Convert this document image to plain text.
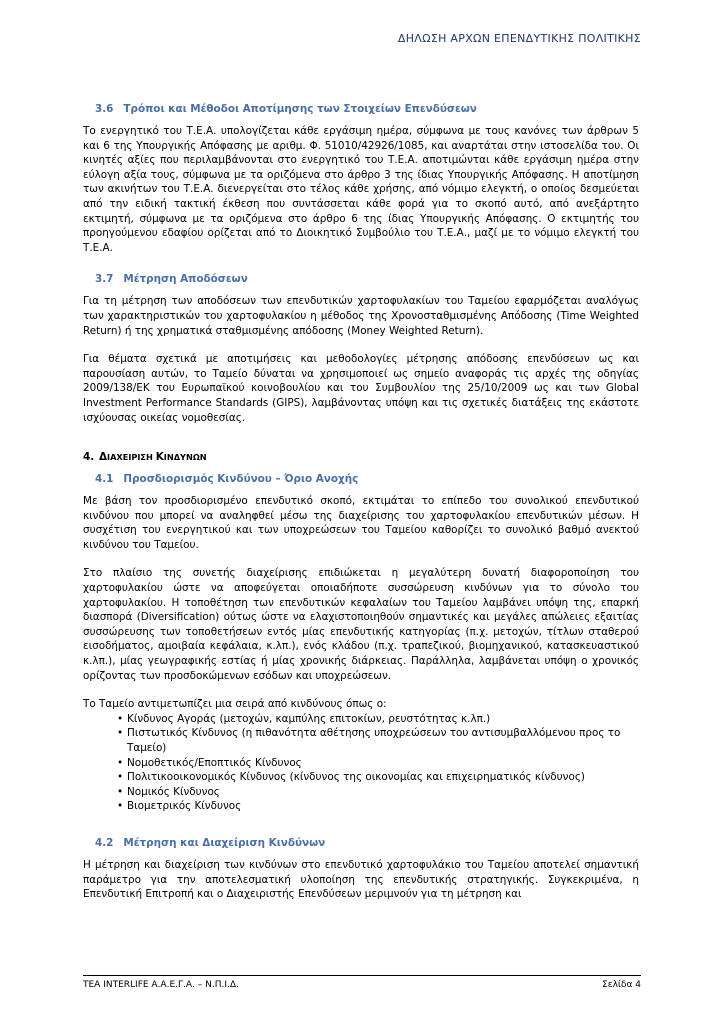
ΔΗΛΩΣΗ ΑΡΧΩΝ ΕΠΕΝΔΥΤΙΚΗΣ ΠΟΛΙΤΙΚΗΣ
3.6 Τρόποι και Μέθοδοι Αποτίμησης των Στοιχείων Επενδύσεων

Το ενεργητικό του Τ.Ε.Α. υπολογίζεται κάθε εργάσιμη ημέρα, σύμφωνα με τους κανόνες των άρθρων 5 και 6 της Υπουργικής Απόφασης με αριθμ. Φ. 51010/42926/1085, και αναρτάται στην ιστοσελίδα του. Οι κινητές αξίες που περιλαμβάνονται στο ενεργητικό του Τ.Ε.Α. αποτιμώνται κάθε εργάσιμη ημέρα στην εύλογη αξία τους, σύμφωνα με τα οριζόμενα στο άρθρο 3 της ίδιας Υπουργικής Απόφασης. Η αποτίμηση των ακινήτων του Τ.Ε.Α. διενεργείται στο τέλος κάθε χρήσης, από νόμιμο ελεγκτή, ο οποίος δεσμεύεται από την ειδική τακτική έκθεση που συντάσσεται κάθε φορά για το σκοπό αυτό, από ανεξάρτητο εκτιμητή, σύμφωνα με τα οριζόμενα στο άρθρο 6 της ίδιας Υπουργικής Απόφασης. Ο εκτιμητής του προηγούμενου εδαφίου ορίζεται από το Διοικητικό Συμβούλιο του Τ.Ε.Α., μαζί με το νόμιμο ελεγκτή του Τ.Ε.Α.

3.7 Μέτρηση Αποδόσεων

Για τη μέτρηση των αποδόσεων των επενδυτικών χαρτοφυλακίων του Ταμείου εφαρμόζεται αναλόγως των χαρακτηριστικών του χαρτοφυλακίου η μέθοδος της Χρονοσταθμισμένης Απόδοσης (Time Weighted Return) ή της χρηματικά σταθμισμένης απόδοσης (Money Weighted Return).

Για θέματα σχετικά με αποτιμήσεις και μεθοδολογίες μέτρησης απόδοσης επενδύσεων ως και παρουσίαση αυτών, το Ταμείο δύναται να χρησιμοποιεί ως σημείο αναφοράς τις αρχές της οδηγίας 2009/138/ΕΚ του Ευρωπαϊκού κοινοβουλίου και του Συμβουλίου της 25/10/2009 ως και των Global Investment Performance Standards (GIPS), λαμβάνοντας υπόψη και τις σχετικές διατάξεις της εκάστοτε ισχύουσας οικείας νομοθεσίας.

4. ΔΙΑΧΕΙΡΙΣΗ ΚΙΝΔΥΝΩΝ
4.1 Προσδιορισμός Κινδύνου – Όριο Ανοχής

Με βάση τον προσδιορισμένο επενδυτικό σκοπό, εκτιμάται το επίπεδο του συνολικού επενδυτικού κινδύνου που μπορεί να αναληφθεί μέσω της διαχείρισης του χαρτοφυλακίου επενδυτικών μέσων. Η συσχέτιση του ενεργητικού και των υποχρεώσεων του Ταμείου καθορίζει το συνολικό βαθμό ανεκτού κινδύνου του Ταμείου.

Στο πλαίσιο της συνετής διαχείρισης επιδιώκεται η μεγαλύτερη δυνατή διαφοροποίηση του χαρτοφυλακίου ώστε να αποφεύγεται οποιαδήποτε συσσώρευση κινδύνων για το σύνολο του χαρτοφυλακίου. Η τοποθέτηση των επενδυτικών κεφαλαίων του Ταμείου λαμβάνει υπόψη της, επαρκή διασπορά (Diversification) ούτως ώστε να ελαχιστοποιηθούν σημαντικές και μεγάλες απώλειες εξαιτίας συσσώρευσης των τοποθετήσεων εντός μίας επενδυτικής κατηγορίας (π.χ. μετοχών, τίτλων σταθερού εισοδήματος, αμοιβαία κεφάλαια, κ.λπ.), ενός κλάδου (π.χ. τραπεζικού, βιομηχανικού, κατασκευαστικού κ.λπ.), μίας γεωγραφικής εστίας ή μίας χρονικής διάρκειας. Παράλληλα, λαμβάνεται υπόψη ο χρονικός ορίζοντας των προσδοκώμενων εσόδων και υποχρεώσεων.

Το Ταμείο αντιμετωπίζει μια σειρά από κινδύνους όπως ο:

• Κίνδυνος Αγοράς (μετοχών, καμπύλης επιτοκίων, ρευστότητας κ.λπ.)
• Πιστωτικός Κίνδυνος (η πιθανότητα αθέτησης υποχρεώσεων του αντισυμβαλλόμενου προς το Ταμείο)
• Νομοθετικός/Εποπτικός Κίνδυνος
• Πολιτικοοικονομικός Κίνδυνος (κίνδυνος της οικονομίας και επιχειρηματικός κίνδυνος)
• Νομικός Κίνδυνος
• Βιομετρικός Κίνδυνος
4.2 Μέτρηση και Διαχείριση Κινδύνων

Η μέτρηση και διαχείριση των κινδύνων στο επενδυτικό χαρτοφυλάκιο του Ταμείου αποτελεί σημαντική παράμετρο για την αποτελεσματική υλοποίηση της επενδυτικής στρατηγικής. Συγκεκριμένα, η Επενδυτική Επιτροπή και ο Διαχειριστής Επενδύσεων μεριμνούν για τη μέτρηση και

ΤΕΑ INTERLIFE Α.Α.Ε.Γ.Α. – Ν.Π.Ι.Δ.	Σελίδα 4
